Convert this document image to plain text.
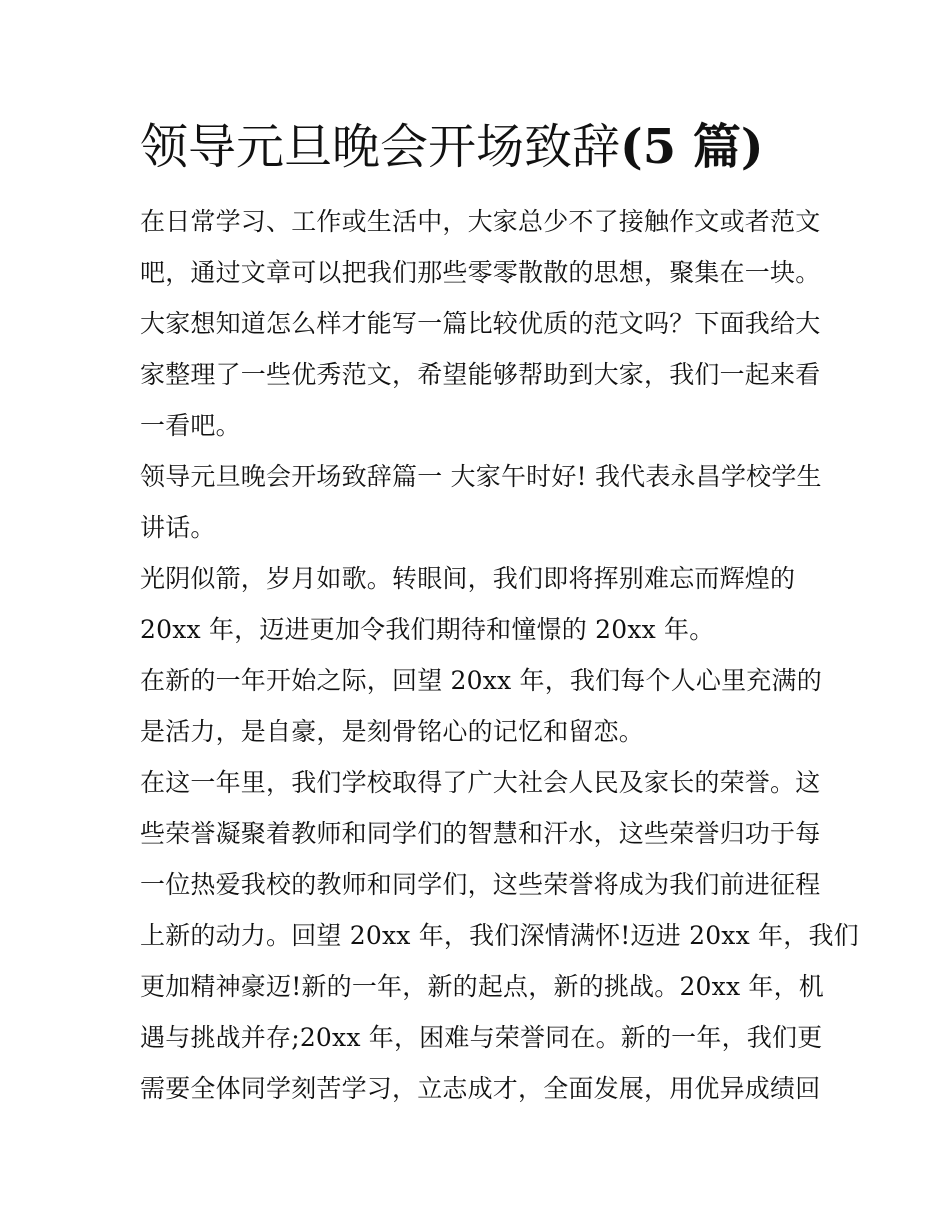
领导元旦晚会开场致辞(5 篇)
在日常学习、工作或生活中，大家总少不了接触作文或者范文
吧，通过文章可以把我们那些零零散散的思想，聚集在一块。
大家想知道怎么样才能写一篇比较优质的范文吗？下面我给大
家整理了一些优秀范文，希望能够帮助到大家，我们一起来看
一看吧。
领导元旦晚会开场致辞篇一 大家午时好! 我代表永昌学校学生
讲话。
光阴似箭，岁月如歌。转眼间，我们即将挥别难忘而辉煌的
20xx 年，迈进更加令我们期待和憧憬的 20xx 年。
在新的一年开始之际，回望 20xx 年，我们每个人心里充满的
是活力，是自豪，是刻骨铭心的记忆和留恋。
在这一年里，我们学校取得了广大社会人民及家长的荣誉。这
些荣誉凝聚着教师和同学们的智慧和汗水，这些荣誉归功于每
一位热爱我校的教师和同学们，这些荣誉将成为我们前进征程
上新的动力。回望 20xx 年，我们深情满怀!迈进 20xx 年，我们
更加精神豪迈!新的一年，新的起点，新的挑战。20xx 年，机
遇与挑战并存;20xx 年，困难与荣誉同在。新的一年，我们更
需要全体同学刻苦学习，立志成才，全面发展，用优异成绩回
